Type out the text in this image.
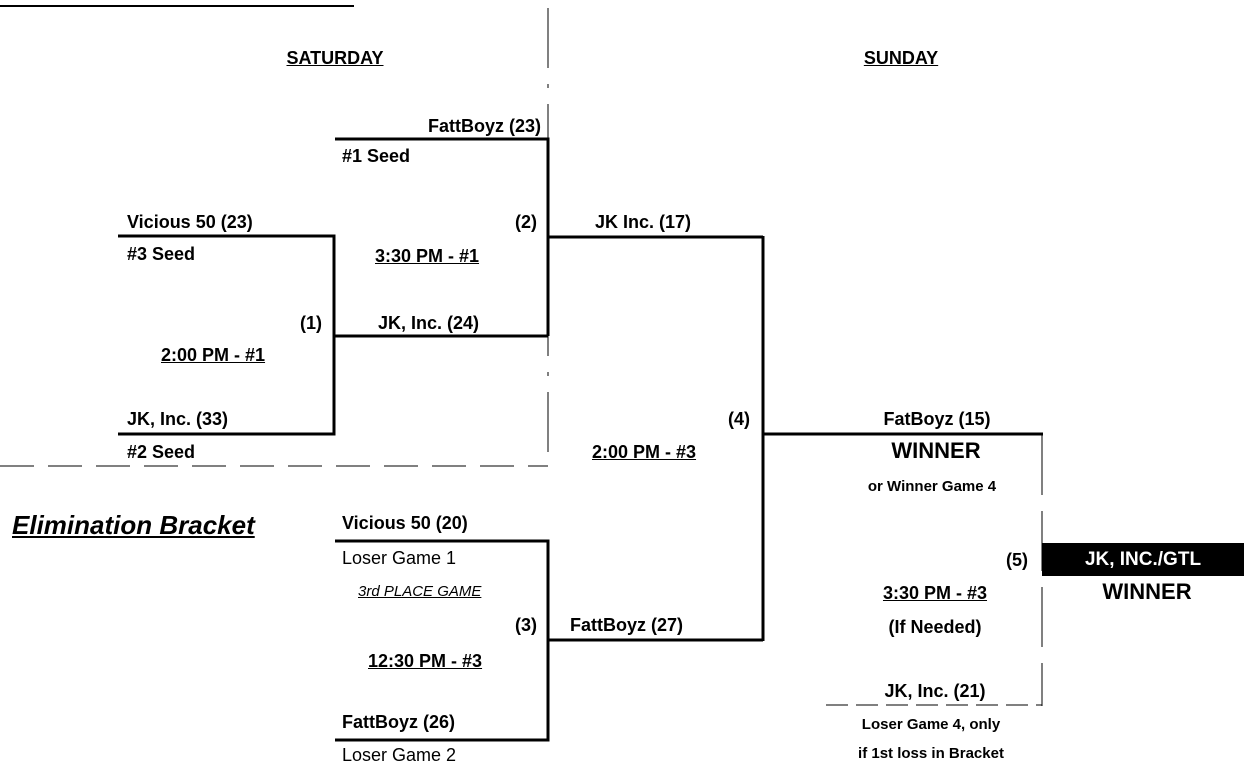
SATURDAY	SUNDAY
FattBoyz (23)
#1 Seed
(2)
3:30 PM - #1
JK Inc. (17)
Vicious 50 (23)
#3 Seed
(1)
2:00 PM - #1
JK, Inc. (24)
JK, Inc. (33)
#2 Seed
(4)
2:00 PM - #3
FatBoyz (15)
WINNER
or Winner Game 4
Elimination Bracket	Vicious 50 (20)
Loser Game 1
3rd PLACE GAME
(3)
12:30 PM - #3
FattBoyz (27)
FattBoyz (26)
Loser Game 2
(5)
3:30 PM - #3
(If Needed)
JK, Inc. (21)
Loser Game 4, only
if 1st loss in Bracket
JK, INC./GTL
WINNER
